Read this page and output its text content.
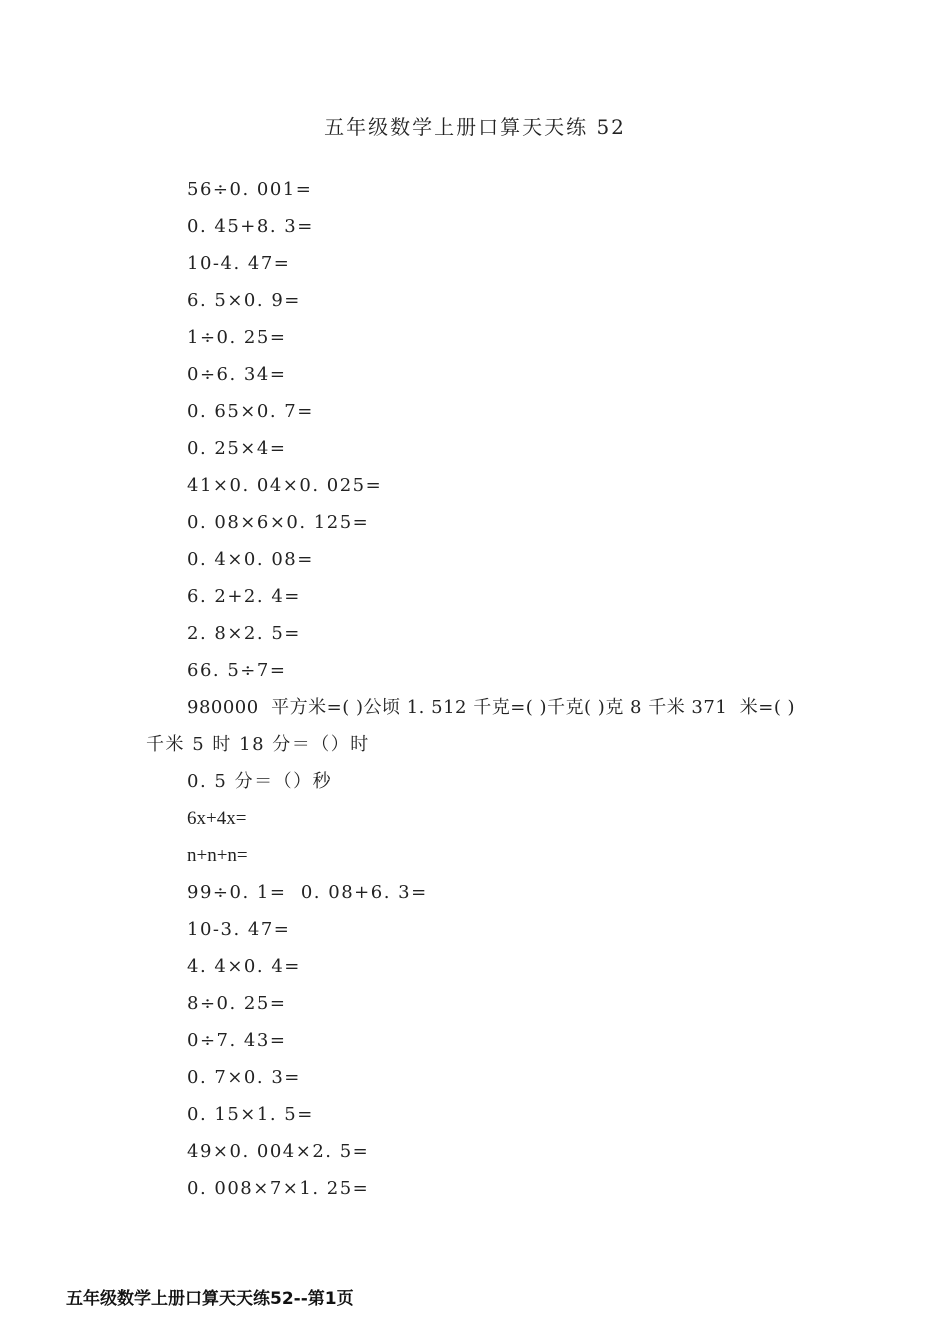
五年级数学上册口算天天练 52
56÷0. 001=
0. 45+8. 3=
10-4. 47=
6. 5×0. 9=
1÷0. 25=
0÷6. 34=
0. 65×0. 7=
0. 25×4=
41×0. 04×0. 025=
0. 08×6×0. 125=
0. 4×0. 08=
6. 2+2. 4=
2. 8×2. 5=
66. 5÷7=
980000  平方米=( )公顷 1. 512 千克=( )千克( )克 8 千米 371  米=( )
千米 5 时 18 分＝（）时
0. 5 分＝（）秒
6x+4x=
n+n+n=
99÷0. 1=  0. 08+6. 3=
10-3. 47=
4. 4×0. 4=
8÷0. 25=
0÷7. 43=
0. 7×0. 3=
0. 15×1. 5=
49×0. 004×2. 5=
0. 008×7×1. 25=
五年级数学上册口算天天练52--第1页
